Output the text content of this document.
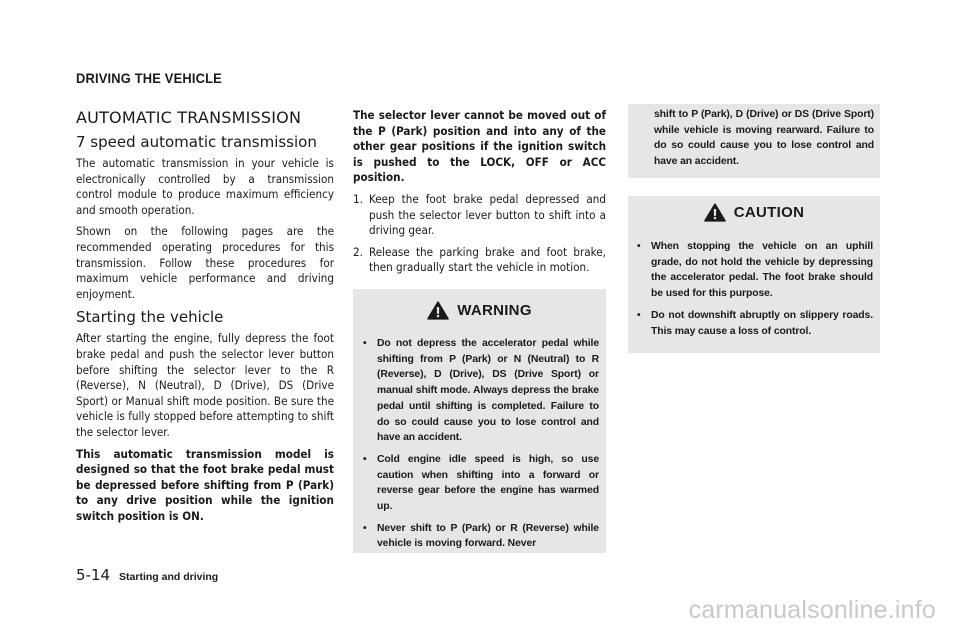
DRIVING THE VEHICLE
AUTOMATIC TRANSMISSION
7 speed automatic transmission

The automatic transmission in your vehicle is electronically controlled by a transmission control module to produce maximum efficiency and smooth operation.

Shown on the following pages are the recommended operating procedures for this transmission. Follow these procedures for maximum vehicle performance and driving enjoyment.

Starting the vehicle

After starting the engine, fully depress the foot brake pedal and push the selector lever button before shifting the selector lever to the R (Reverse), N (Neutral), D (Drive), DS (Drive Sport) or Manual shift mode position. Be sure the vehicle is fully stopped before attempting to shift the selector lever.

This automatic transmission model is designed so that the foot brake pedal must be depressed before shifting from P (Park) to any drive position while the ignition switch position is ON.

The selector lever cannot be moved out of the P (Park) position and into any of the other gear positions if the ignition switch is pushed to the LOCK, OFF or ACC position.

1. Keep the foot brake pedal depressed and push the selector lever button to shift into a driving gear.
2. Release the parking brake and foot brake, then gradually start the vehicle in motion.
WARNING
• Do not depress the accelerator pedal while shifting from P (Park) or N (Neutral) to R (Reverse), D (Drive), DS (Drive Sport) or manual shift mode. Always depress the brake pedal until shifting is completed. Failure to do so could cause you to lose control and have an accident.
• Cold engine idle speed is high, so use caution when shifting into a forward or reverse gear before the engine has warmed up.
• Never shift to P (Park) or R (Reverse) while vehicle is moving forward. Never

shift to P (Park), D (Drive) or DS (Drive Sport) while vehicle is moving rearward. Failure to do so could cause you to lose control and have an accident.

CAUTION
• When stopping the vehicle on an uphill grade, do not hold the vehicle by depressing the accelerator pedal. The foot brake should be used for this purpose.
• Do not downshift abruptly on slippery roads. This may cause a loss of control.
5-14 Starting and driving
carmanualsonline.info
